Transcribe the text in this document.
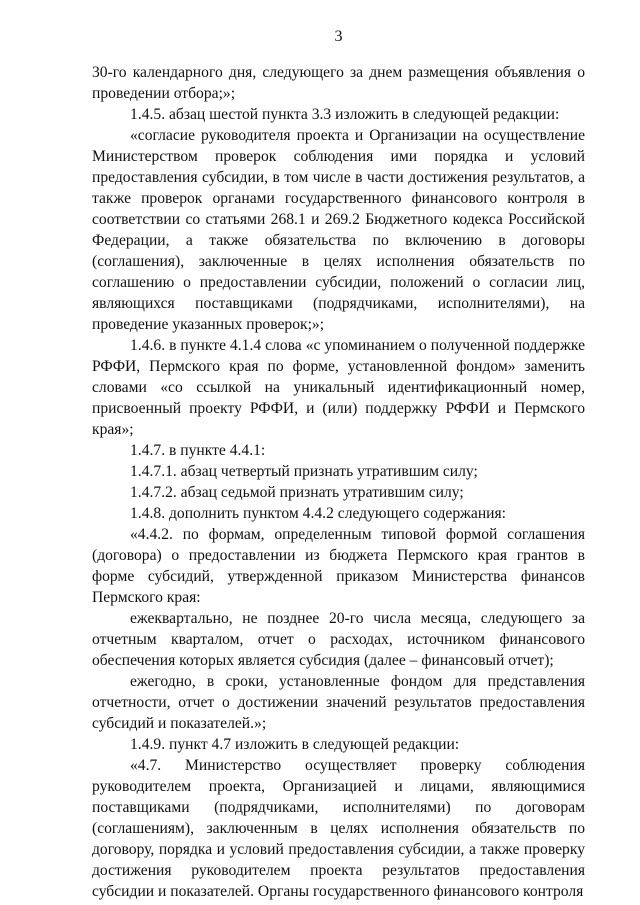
3

30-го календарного дня, следующего за днем размещения объявления о проведении отбора;»;

1.4.5. абзац шестой пункта 3.3 изложить в следующей редакции:

«согласие руководителя проекта и Организации на осуществление Министерством проверок соблюдения ими порядка и условий предоставления субсидии, в том числе в части достижения результатов, а также проверок органами государственного финансового контроля в соответствии со статьями 268.1 и 269.2 Бюджетного кодекса Российской Федерации, а также обязательства по включению в договоры (соглашения), заключенные в целях исполнения обязательств по соглашению о предоставлении субсидии, положений о согласии лиц, являющихся поставщиками (подрядчиками, исполнителями), на проведение указанных проверок;»;

1.4.6. в пункте 4.1.4 слова «с упоминанием о полученной поддержке РФФИ, Пермского края по форме, установленной фондом» заменить словами «со ссылкой на уникальный идентификационный номер, присвоенный проекту РФФИ, и (или) поддержку РФФИ и Пермского края»;

1.4.7. в пункте 4.4.1:

1.4.7.1. абзац четвертый признать утратившим силу;

1.4.7.2. абзац седьмой признать утратившим силу;

1.4.8. дополнить пунктом 4.4.2 следующего содержания:

«4.4.2. по формам, определенным типовой формой соглашения (договора) о предоставлении из бюджета Пермского края грантов в форме субсидий, утвержденной приказом Министерства финансов Пермского края:

ежеквартально, не позднее 20-го числа месяца, следующего за отчетным кварталом, отчет о расходах, источником финансового обеспечения которых является субсидия (далее – финансовый отчет);

ежегодно, в сроки, установленные фондом для представления отчетности, отчет о достижении значений результатов предоставления субсидий и показателей.»;

1.4.9. пункт 4.7 изложить в следующей редакции:

«4.7. Министерство осуществляет проверку соблюдения руководителем проекта, Организацией и лицами, являющимися поставщиками (подрядчиками, исполнителями) по договорам (соглашениям), заключенным в целях исполнения обязательств по договору, порядка и условий предоставления субсидии, а также проверку достижения руководителем проекта результатов предоставления субсидии и показателей. Органы государственного финансового контроля
